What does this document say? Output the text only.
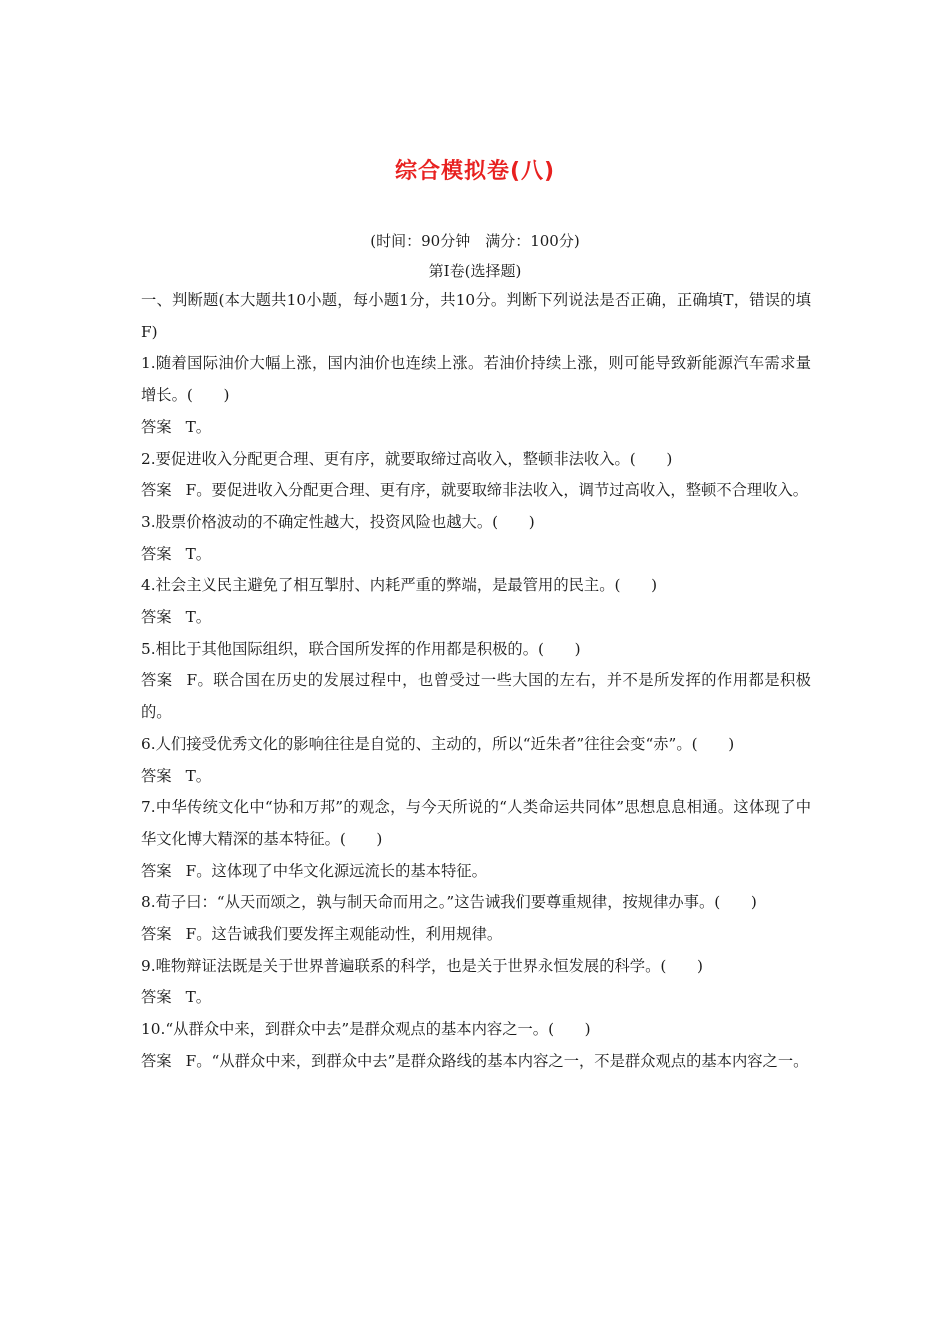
综合模拟卷(八)
(时间：90分钟　满分：100分)
第Ⅰ卷(选择题)

一、判断题(本大题共10小题，每小题1分，共10分。判断下列说法是否正确，正确填T，错误的填F)

1.随着国际油价大幅上涨，国内油价也连续上涨。若油价持续上涨，则可能导致新能源汽车需求量增长。(　　)

答案 T。

2.要促进收入分配更合理、更有序，就要取缔过高收入，整顿非法收入。(　　)

答案 F。要促进收入分配更合理、更有序，就要取缔非法收入，调节过高收入，整顿不合理收入。

3.股票价格波动的不确定性越大，投资风险也越大。(　　)

答案 T。

4.社会主义民主避免了相互掣肘、内耗严重的弊端，是最管用的民主。(　　)

答案 T。

5.相比于其他国际组织，联合国所发挥的作用都是积极的。(　　)

答案 F。联合国在历史的发展过程中，也曾受过一些大国的左右，并不是所发挥的作用都是积极的。

6.人们接受优秀文化的影响往往是自觉的、主动的，所以“近朱者”往往会变“赤”。(　　)

答案 T。

7.中华传统文化中“协和万邦”的观念，与今天所说的“人类命运共同体”思想息息相通。这体现了中华文化博大精深的基本特征。(　　)

答案 F。这体现了中华文化源远流长的基本特征。

8.荀子曰：“从天而颂之，孰与制天命而用之。”这告诫我们要尊重规律，按规律办事。(　　)

答案 F。这告诫我们要发挥主观能动性，利用规律。

9.唯物辩证法既是关于世界普遍联系的科学，也是关于世界永恒发展的科学。(　　)

答案 T。

10.“从群众中来，到群众中去”是群众观点的基本内容之一。(　　)

答案 F。“从群众中来，到群众中去”是群众路线的基本内容之一，不是群众观点的基本内容之一。
